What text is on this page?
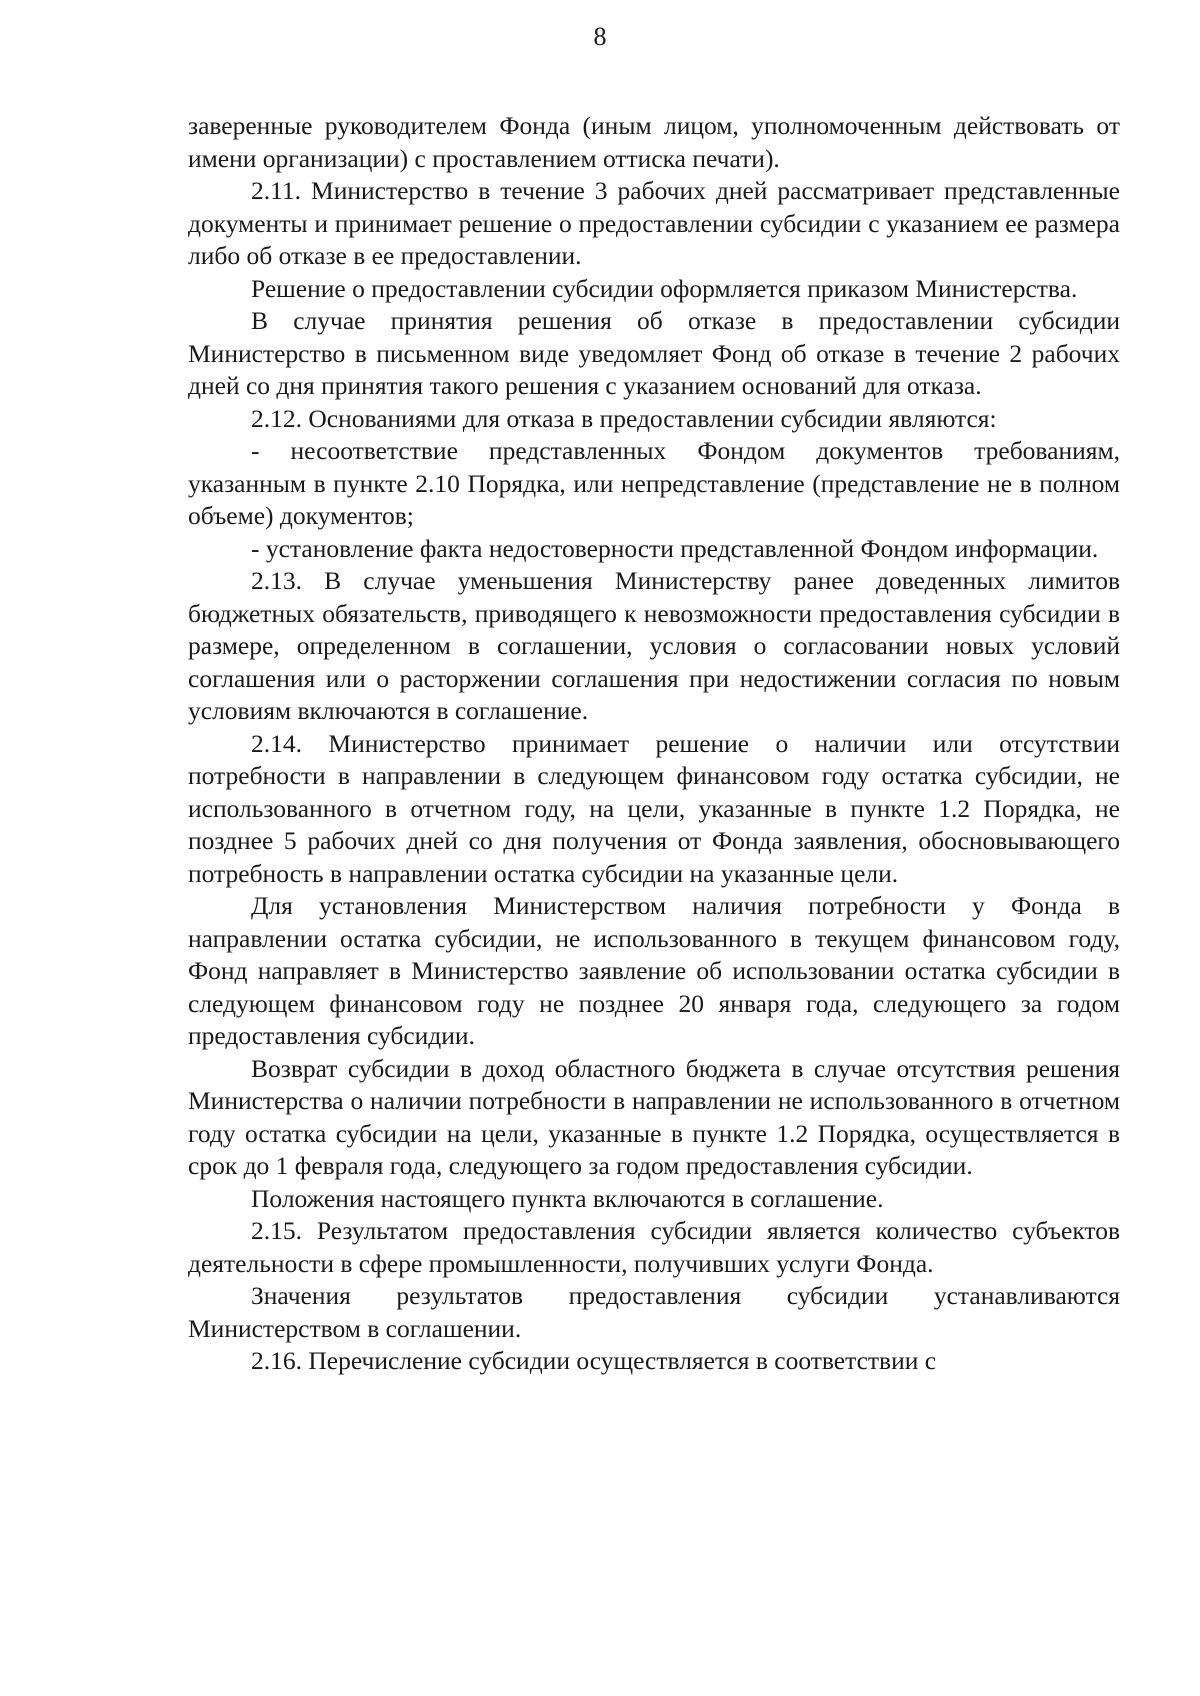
8

заверенные руководителем Фонда (иным лицом, уполномоченным действовать от имени организации) с проставлением оттиска печати).

2.11. Министерство в течение 3 рабочих дней рассматривает представленные документы и принимает решение о предоставлении субсидии с указанием ее размера либо об отказе в ее предоставлении.

Решение о предоставлении субсидии оформляется приказом Министерства.

В случае принятия решения об отказе в предоставлении субсидии Министерство в письменном виде уведомляет Фонд об отказе в течение 2 рабочих дней со дня принятия такого решения с указанием оснований для отказа.

2.12. Основаниями для отказа в предоставлении субсидии являются:

- несоответствие представленных Фондом документов требованиям, указанным в пункте 2.10 Порядка, или непредставление (представление не в полном объеме) документов;

- установление факта недостоверности представленной Фондом информации.

2.13. В случае уменьшения Министерству ранее доведенных лимитов бюджетных обязательств, приводящего к невозможности предоставления субсидии в размере, определенном в соглашении, условия о согласовании новых условий соглашения или о расторжении соглашения при недостижении согласия по новым условиям включаются в соглашение.

2.14. Министерство принимает решение о наличии или отсутствии потребности в направлении в следующем финансовом году остатка субсидии, не использованного в отчетном году, на цели, указанные в пункте 1.2 Порядка, не позднее 5 рабочих дней со дня получения от Фонда заявления, обосновывающего потребность в направлении остатка субсидии на указанные цели.

Для установления Министерством наличия потребности у Фонда в направлении остатка субсидии, не использованного в текущем финансовом году, Фонд направляет в Министерство заявление об использовании остатка субсидии в следующем финансовом году не позднее 20 января года, следующего за годом предоставления субсидии.

Возврат субсидии в доход областного бюджета в случае отсутствия решения Министерства о наличии потребности в направлении не использованного в отчетном году остатка субсидии на цели, указанные в пункте 1.2 Порядка, осуществляется в срок до 1 февраля года, следующего за годом предоставления субсидии.

Положения настоящего пункта включаются в соглашение.

2.15. Результатом предоставления субсидии является количество субъектов деятельности в сфере промышленности, получивших услуги Фонда.

Значения результатов предоставления субсидии устанавливаются Министерством в соглашении.

2.16. Перечисление субсидии осуществляется в соответствии с
